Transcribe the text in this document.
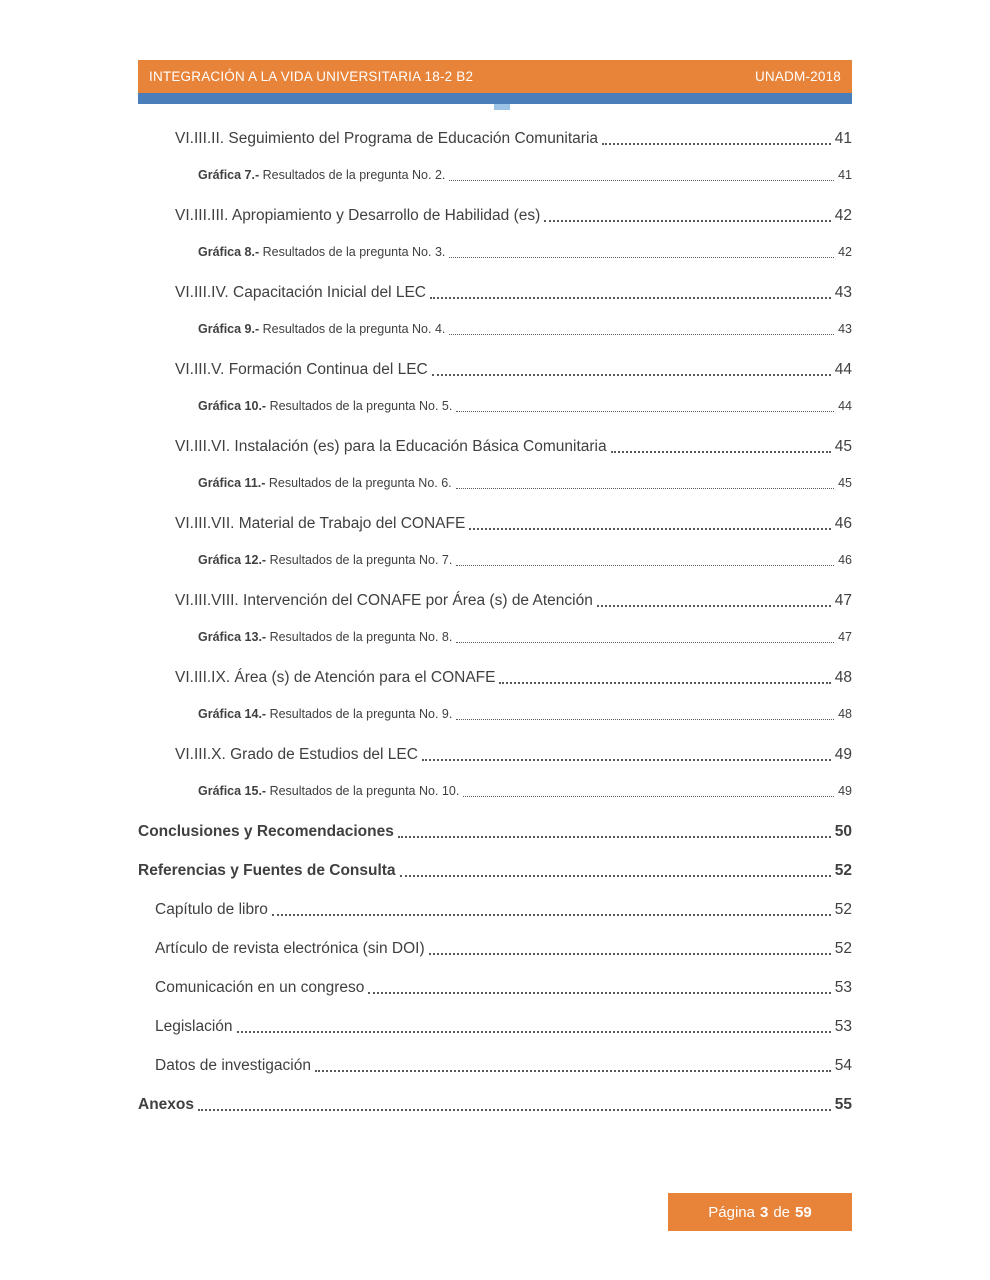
INTEGRACIÓN A LA VIDA UNIVERSITARIA 18-2 B2	UNADM-2018
VI.III.II. Seguimiento del Programa de Educación Comunitaria	41
Gráfica 7.- Resultados de la pregunta No. 2.	41
VI.III.III. Apropiamiento y Desarrollo de Habilidad (es)	42
Gráfica 8.- Resultados de la pregunta No. 3.	42
VI.III.IV. Capacitación Inicial del LEC	43
Gráfica 9.- Resultados de la pregunta No. 4.	43
VI.III.V. Formación Continua del LEC	44
Gráfica 10.- Resultados de la pregunta No. 5.	44
VI.III.VI. Instalación (es) para la Educación Básica Comunitaria	45
Gráfica 11.- Resultados de la pregunta No. 6.	45
VI.III.VII. Material de Trabajo del CONAFE	46
Gráfica 12.- Resultados de la pregunta No. 7.	46
VI.III.VIII. Intervención del CONAFE por Área (s) de Atención	47
Gráfica 13.- Resultados de la pregunta No. 8.	47
VI.III.IX. Área (s) de Atención para el CONAFE	48
Gráfica 14.- Resultados de la pregunta No. 9.	48
VI.III.X. Grado de Estudios del LEC	49
Gráfica 15.- Resultados de la pregunta No. 10.	49
Conclusiones y Recomendaciones	50
Referencias y Fuentes de Consulta	52
Capítulo de libro	52
Artículo de revista electrónica (sin DOI)	52
Comunicación en un congreso	53
Legislación	53
Datos de investigación	54
Anexos	55
Página 3 de 59
